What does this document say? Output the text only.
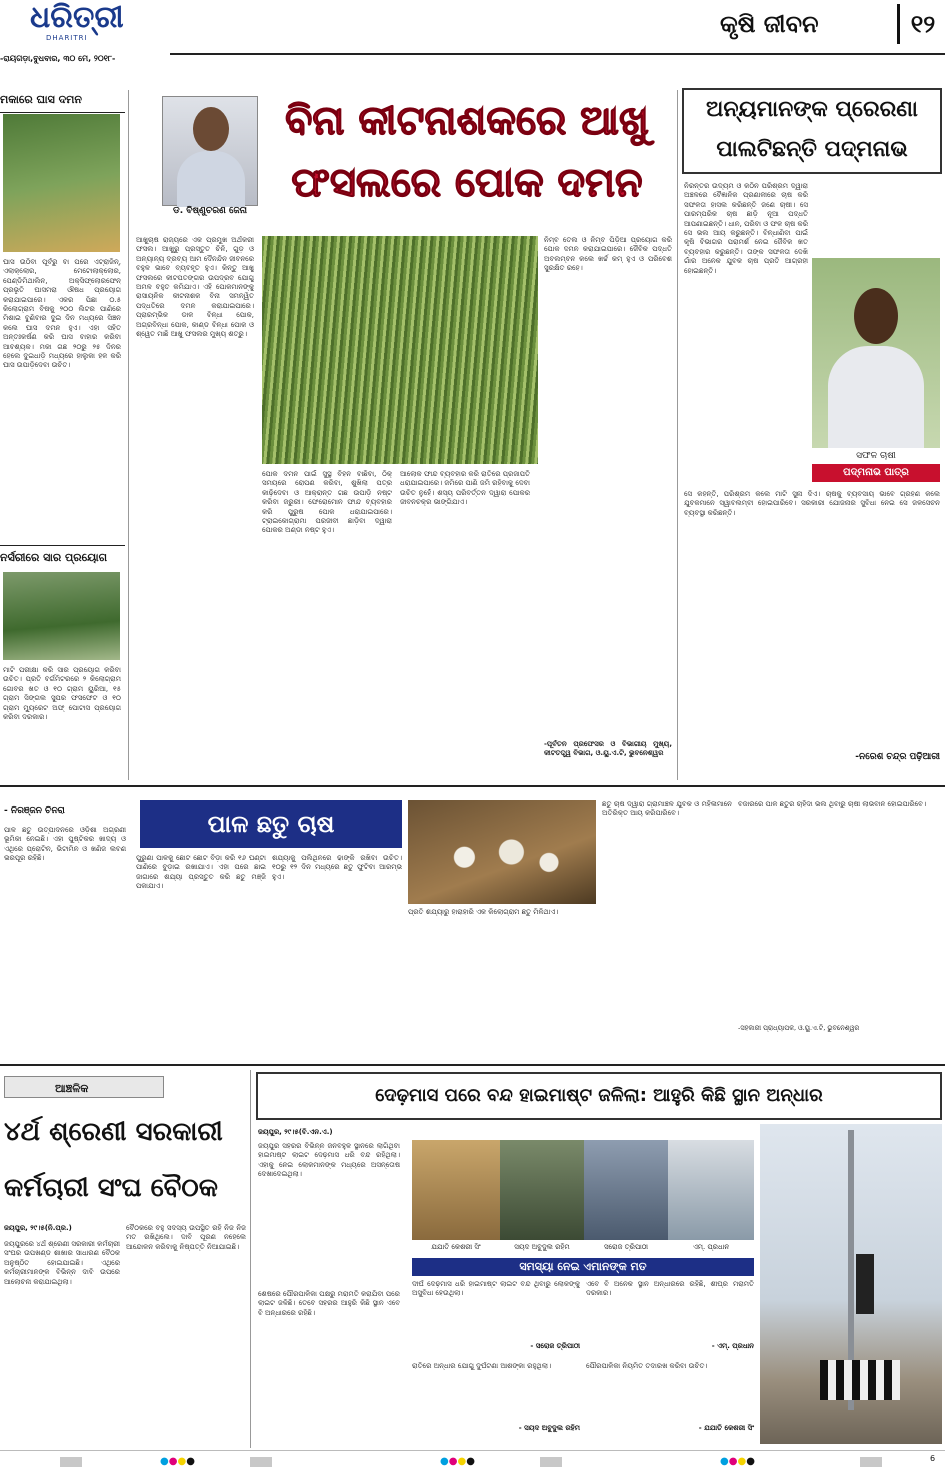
ଧରିତ୍ରୀ
DHARITRI
-ରାୟଗଡ଼ା,ବୁଧବାର, ୩୦ ମେ, ୨୦୧୮-
କୃଷି ଜୀବନ	୧୨
ମକାରେ ଘାସ ଦମନ
ଘାସ ଉଠିବା ପୂର୍ବରୁ ବା ପରେ ଏଟ୍ରାଜିନ୍, ଏଲାକ୍ଲୋର, ମେଟୋଲାକ୍ଲୋର, ପେଣ୍ଡିମିଥାଲିନ, ଅକ୍ସିଫ୍ଲୋରଫେନ୍ ପ୍ରଭୃତି ଘାସମରା ଔଷଧ ପ୍ରୟୋଗ କରାଯାଇପାରେ। ଏକର ପିଛା ୦.୫ କିଲୋଗ୍ରାମ ବିଷକୁ ୨୦୦ ଲିଟର ପାଣିରେ ମିଶାଇ ବୁଣିବାର ଦୁଇ ଦିନ ମଧ୍ୟରେ ସିଞ୍ଚନ କଲେ ଘାସ ଦମନ ହୁଏ। ଏହା ସହିତ ଅନ୍ତଃକର୍ଷଣ କରି ଘାସ ବାହାର କରିବା ଆବଶ୍ୟକ। ମକା ଗଛ ୨୦ରୁ ୨୫ ଦିନର ହେଲେ ଦୁଇଧାଡ଼ି ମଧ୍ୟରେ ହାଲୁକା ହଳ କରି ଘାସ ଉପାଡ଼ିଦେବା ଉଚିତ।
ନର୍ସରୀରେ ସାର ପ୍ରୟୋଗ
ମାଟି ପରୀକ୍ଷା କରି ସାର ପ୍ରୟୋଗ କରିବା ଉଚିତ। ପ୍ରତି ବର୍ଗମିଟରରେ ୨ କିଲୋଗ୍ରାମ ଗୋବର ଖତ ଓ ୧୦ ଗ୍ରାମ ୟୁରିଆ, ୧୫ ଗ୍ରାମ ସିଙ୍ଗଲ ସୁପର ଫସଫେଟ ଓ ୧୦ ଗ୍ରାମ ମ୍ୟୁରେଟ ଅଫ୍ ପୋଟାସ ପ୍ରୟୋଗ କରିବା ଦରକାର।
ଡ. ବିଷ୍ଣୁଚରଣ ଜେନା
ବିନା କୀଟନାଶକରେ ଆଖୁ
ଫସଲରେ ପୋକ ଦମନ
ଆଖୁଚାଷ ରାଜ୍ୟରେ ଏକ ପ୍ରମୁଖ ଅର୍ଥକରୀ ଫସଲ। ଆଖୁରୁ ପ୍ରସ୍ତୁତ ଚିନି, ଗୁଡ଼ ଓ ଅନ୍ୟାନ୍ୟ ଦ୍ରବ୍ୟ ଆମ ଦୈନନ୍ଦିନ ଜୀବନରେ ବହୁଳ ଭାବେ ବ୍ୟବହୃତ ହୁଏ। କିନ୍ତୁ ଆଖୁ ଫସଲରେ କୀଟପତଙ୍ଗର ଉପଦ୍ରବ ଯୋଗୁ ଅମଳ ବହୁତ କମିଯାଏ। ଏହି ପୋକମାନଙ୍କୁ ରାସାୟନିକ କୀଟନାଶକ ବିନା ସମନ୍ୱିତ ପଦ୍ଧତିରେ ଦମନ କରାଯାଇପାରେ। ପ୍ରାରମ୍ଭିକ ଡାଳ ବିନ୍ଧା ପୋକ, ଅଗ୍ରବିନ୍ଧା ପୋକ, କାଣ୍ଡ ବିନ୍ଧା ପୋକ ଓ ଶ୍ୱେତ ମାଛି ଆଖୁ ଫସଲର ମୁଖ୍ୟ ଶତ୍ରୁ।
ପୋକ ଦମନ ପାଇଁ ସୁସ୍ଥ ବିହନ ବାଛିବା, ଠିକ୍ ସମୟରେ ରୋପଣ କରିବା, ଶୁଖିଲା ପତ୍ର କାଢ଼ିଦେବା ଓ ଆକ୍ରାନ୍ତ ଗଛ ଉପାଡ଼ି ନଷ୍ଟ କରିବା ଜରୁରୀ। ଫେରୋମୋନ ଫାନ୍ଦ ବ୍ୟବହାର କରି ପୁରୁଷ ପୋକ ଧରାଯାଇପାରେ। ଟ୍ରାଇକୋଗ୍ରାମା ପରଜୀବୀ ଛାଡ଼ିବା ଦ୍ୱାରା ପୋକର ଅଣ୍ଡା ନଷ୍ଟ ହୁଏ।
ଆଲୋକ ଫାନ୍ଦ ବ୍ୟବହାର କରି ରାତିରେ ପ୍ରଜାପତି ଧରାଯାଇପାରେ। ଜମିରେ ପାଣି ଜମି ରହିବାକୁ ଦେବା ଉଚିତ ନୁହେଁ। ଶସ୍ୟ ପରିବର୍ତ୍ତନ ଦ୍ୱାରା ପୋକର ଜୀବନଚକ୍ର ଭାଙ୍ଗିଯାଏ।
ନିମ୍ବ ତେଲ ଓ ନିମ୍ବ ପିଡ଼ିଆ ପ୍ରୟୋଗ କରି ପୋକ ଦମନ କରାଯାଇପାରେ। ଜୈବିକ ପଦ୍ଧତି ଅବଲମ୍ବନ କଲେ ଖର୍ଚ୍ଚ କମ୍ ହୁଏ ଓ ପରିବେଶ ସୁରକ୍ଷିତ ରହେ।
-ପୂର୍ବତନ ପ୍ରଫେସର ଓ ବିଭାଗୀୟ ମୁଖ୍ୟ, କୀଟତତ୍ତ୍ୱ ବିଭାଗ, ଓ.ୟୁ.ଏ.ଟି, ଭୁବନେଶ୍ୱର
ଅନ୍ୟମାନଙ୍କ ପ୍ରେରଣା
ପାଲଟିଛନ୍ତି ପଦ୍ମନାଭ
ନିରନ୍ତର ଉଦ୍ୟମ ଓ କଠିନ ପରିଶ୍ରମ ଦ୍ୱାରା ଅଞ୍ଚଳରେ ବୈଜ୍ଞାନିକ ପ୍ରଣାଳୀରେ ଚାଷ କରି ସଫଳତା ହାସଲ କରିଛନ୍ତି ଜଣେ ଚାଷୀ। ସେ ପାରମ୍ପରିକ ଚାଷ ଛାଡ଼ି ନୂଆ ପଦ୍ଧତି ଆପଣାଇଛନ୍ତି। ଧାନ, ପରିବା ଓ ଫଳ ଚାଷ କରି ସେ ଭଲ ଆୟ କରୁଛନ୍ତି। ବିନ୍ଧାଣିବା ପାଇଁ କୃଷି ବିଭାଗର ପରାମର୍ଶ ନେଇ ଜୈବିକ ଖତ ବ୍ୟବହାର କରୁଛନ୍ତି। ତାଙ୍କ ସଫଳତା ଦେଖି ଗାଁର ଅନେକ ଯୁବକ ଚାଷ ପ୍ରତି ଆଗ୍ରହୀ ହୋଇଛନ୍ତି।
ସଫଳ ଚାଷୀ
ପଦ୍ମନାଭ ପାତ୍ର
ସେ କହନ୍ତି, ପରିଶ୍ରମ କଲେ ମାଟି ସୁନା ଦିଏ। ଚାଷକୁ ବ୍ୟବସାୟ ଭାବେ ଗ୍ରହଣ କଲେ ଯୁବକମାନେ ସ୍ୱାବଲମ୍ବୀ ହୋଇପାରିବେ। ସରକାରୀ ଯୋଜନାର ସୁବିଧା ନେଇ ସେ ଜଳସେଚନ ବ୍ୟବସ୍ଥା କରିଛନ୍ତି।
-ନରେଶ ଚନ୍ଦ୍ର ପଢ଼ିଆରୀ
- ନିରଞ୍ଜନ ଚିନରା
ପାଳ ଛତୁ ଉତ୍ପାଦନରେ ଓଡ଼ିଶା ଅଗ୍ରଣୀ ଭୂମିକା ନେଇଛି। ଏହା ପୁଷ୍ଟିକର ଖାଦ୍ୟ ଓ ଏଥିରେ ପ୍ରୋଟିନ, ଭିଟାମିନ ଓ ଖଣିଜ ଲବଣ ଭରପୂର ରହିଛି।
ପାଳ ଛତୁ ଚାଷ
ପୁରୁଣା ପାଳକୁ ଛୋଟ ଛୋଟ ବିଡ଼ା କରି ୧୬ ଘଣ୍ଟା ପାଣିରେ ବୁଡ଼ାଇ ରଖାଯାଏ। ଏହା ପରେ ଛାଇ ଜାଗାରେ ଶଯ୍ୟା ପ୍ରସ୍ତୁତ କରି ଛତୁ ମଞ୍ଜି ପକାଯାଏ।
ଶଯ୍ୟାକୁ ପଲିଥିନରେ ଢାଙ୍କି ରଖିବା ଉଚିତ। ୧୦ରୁ ୧୨ ଦିନ ମଧ୍ୟରେ ଛତୁ ଫୁଟିବା ଆରମ୍ଭ ହୁଏ।
ପ୍ରତି ଶଯ୍ୟାରୁ ହାରାହାରି ଏକ କିଲୋଗ୍ରାମ ଛତୁ ମିଳିଥାଏ।
ଛତୁ ଚାଷ ଦ୍ୱାରା ଗ୍ରାମାଞ୍ଚଳ ଯୁବକ ଓ ମହିଳାମାନେ ଅତିରିକ୍ତ ଆୟ କରିପାରିବେ।
ବଜାରରେ ପାଳ ଛତୁର ଚାହିଦା ଭଲ ଥିବାରୁ ଚାଷୀ ଲାଭବାନ ହୋଇପାରିବେ।
-ସହକାରୀ ପ୍ରାଧ୍ୟାପକ, ଓ.ୟୁ.ଏ.ଟି, ଭୁବନେଶ୍ୱର
ଆଞ୍ଚଳିକ
୪ର୍ଥ ଶ୍ରେଣୀ ସରକାରୀ
କର୍ମଚାରୀ ସଂଘ ବୈଠକ
ଜୟପୁର, ୨୯।୫(ନି.ପ୍ର.)
ଜୟପୁରରେ ୪ର୍ଥ ଶ୍ରେଣୀ ସରକାରୀ କର୍ମଚାରୀ ସଂଘର ଉପଖଣ୍ଡ ଶାଖାର ସାଧାରଣ ବୈଠକ ଅନୁଷ୍ଠିତ ହୋଇଯାଇଛି। ଏଥିରେ କର୍ମଚାରୀମାନଙ୍କ ବିଭିନ୍ନ ଦାବି ଉପରେ ଆଲୋଚନା କରାଯାଇଥିଲା।
ବୈଠକରେ ବହୁ ସଦସ୍ୟ ଉପସ୍ଥିତ ରହି ନିଜ ନିଜ ମତ ରଖିଥିଲେ। ଦାବି ପୂରଣ ନହେଲେ ଆନ୍ଦୋଳନ କରିବାକୁ ନିଷ୍ପତ୍ତି ନିଆଯାଇଛି।
ଦେଢ଼ମାସ ପରେ ବନ୍ଦ ହାଇମାଷ୍ଟ ଜଳିଲା: ଆହୁରି କିଛି ସ୍ଥାନ ଅନ୍ଧାର
ଜୟପୁର, ୨୯।୫(ବି.ଏନ.ଏ.)
ଜୟପୁର ସହରର ବିଭିନ୍ନ ଜନବହୁଳ ସ୍ଥାନରେ ଲାଗିଥିବା ହାଇମାଷ୍ଟ ଲାଇଟ ଦେଢ଼ମାସ ଧରି ବନ୍ଦ ରହିଥିଲା। ଏହାକୁ ନେଇ ଲୋକମାନଙ୍କ ମଧ୍ୟରେ ଅସନ୍ତୋଷ ଦେଖାଦେଇଥିଲା।
ଶେଷରେ ପୌରପାଳିକା ପକ୍ଷରୁ ମରାମତି କରାଯିବା ପରେ ଲାଇଟ ଜଳିଛି। ତେବେ ସହରର ଆହୁରି କିଛି ସ୍ଥାନ ଏବେ ବି ଅନ୍ଧାରରେ ରହିଛି।
ଯଯାତି କେଶରୀ ସିଂ	ସୟଦ ଅବୁଦୁଲ ରହିମ	ସରୋଜ ତ୍ରିପାଠୀ	ଏମ୍. ପ୍ରଧାନ
ସମସ୍ୟା ନେଇ ଏମାନଙ୍କ ମତ
ଦୀର୍ଘ ଦେଢ଼ମାସ ଧରି ହାଇମାଷ୍ଟ ଲାଇଟ ବନ୍ଦ ଥିବାରୁ ଲୋକଙ୍କୁ ଅସୁବିଧା ହେଉଥିଲା।
- ସରୋଜ ତ୍ରିପାଠୀ
ରାତିରେ ଅନ୍ଧାର ଯୋଗୁ ଦୁର୍ଘଟଣା ଆଶଙ୍କା ରହୁଥିଲା।
- ସୟଦ ଅବୁଦୁଲ ରହିମ
ଏବେ ବି ଅନେକ ସ୍ଥାନ ଅନ୍ଧାରରେ ରହିଛି, ଶୀଘ୍ର ମରାମତି ଦରକାର।
- ଏମ୍. ପ୍ରଧାନ
ପୌରପାଳିକା ନିୟମିତ ତଦାରଖ କରିବା ଉଚିତ।
- ଯଯାତି କେଶରୀ ସିଂ
●●●●	●●●●	●●●●	6
